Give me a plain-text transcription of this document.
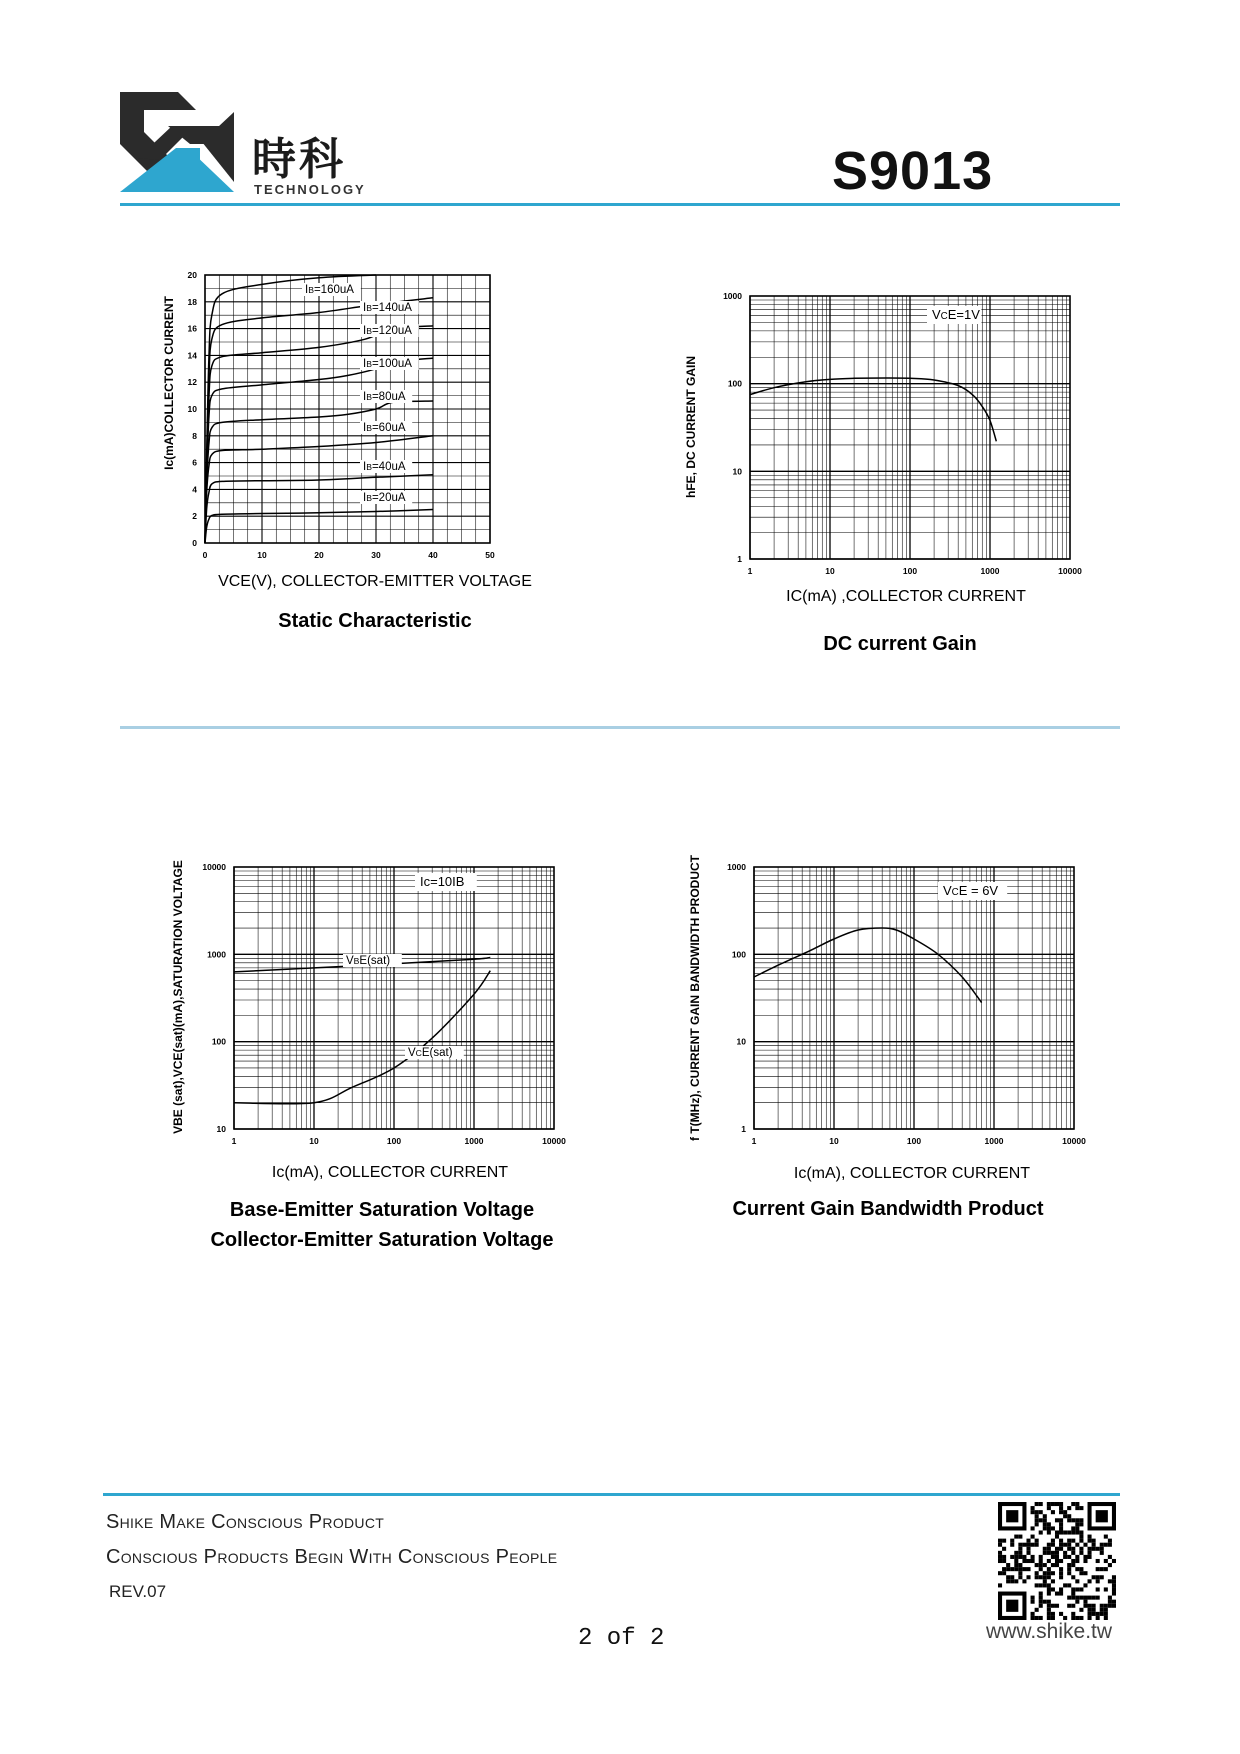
時科
TECHNOLOGY	S9013
0	10	20	30	40	50
0
2
4
6
8
10
12
14
16
18
20
IB=20uA
IB=40uA
IB=60uA
IB=80uA
IB=100uA
IB=120uA
IB=140uA
IB=160uA
Ic(mA)COLLECTOR CURRENT
VCE(V), COLLECTOR-EMITTER VOLTAGE
Static Characteristic
1	10	100	1000	10000
1
10
100
1000
VCE=1V
hFE, DC CURRENT GAIN
IC(mA) ,COLLECTOR CURRENT
DC current Gain
1	10	100	1000	10000
10
100
1000
10000
VBE(sat)
VCE(sat)
Ic=10IB
VBE (sat),VCE(sat)(mA),SATURATION VOLTAGE
Ic(mA), COLLECTOR CURRENT
Base-Emitter Saturation Voltage
Collector-Emitter Saturation Voltage
1	10	100	1000	10000
1
10
100
1000
VCE = 6V
f T(MHz), CURRENT GAIN BANDWIDTH PRODUCT
Ic(mA), COLLECTOR CURRENT
Current Gain Bandwidth Product
Shike Make Conscious Product
Conscious Products Begin With Conscious People
REV.07
2 of 2	www.shike.tw
